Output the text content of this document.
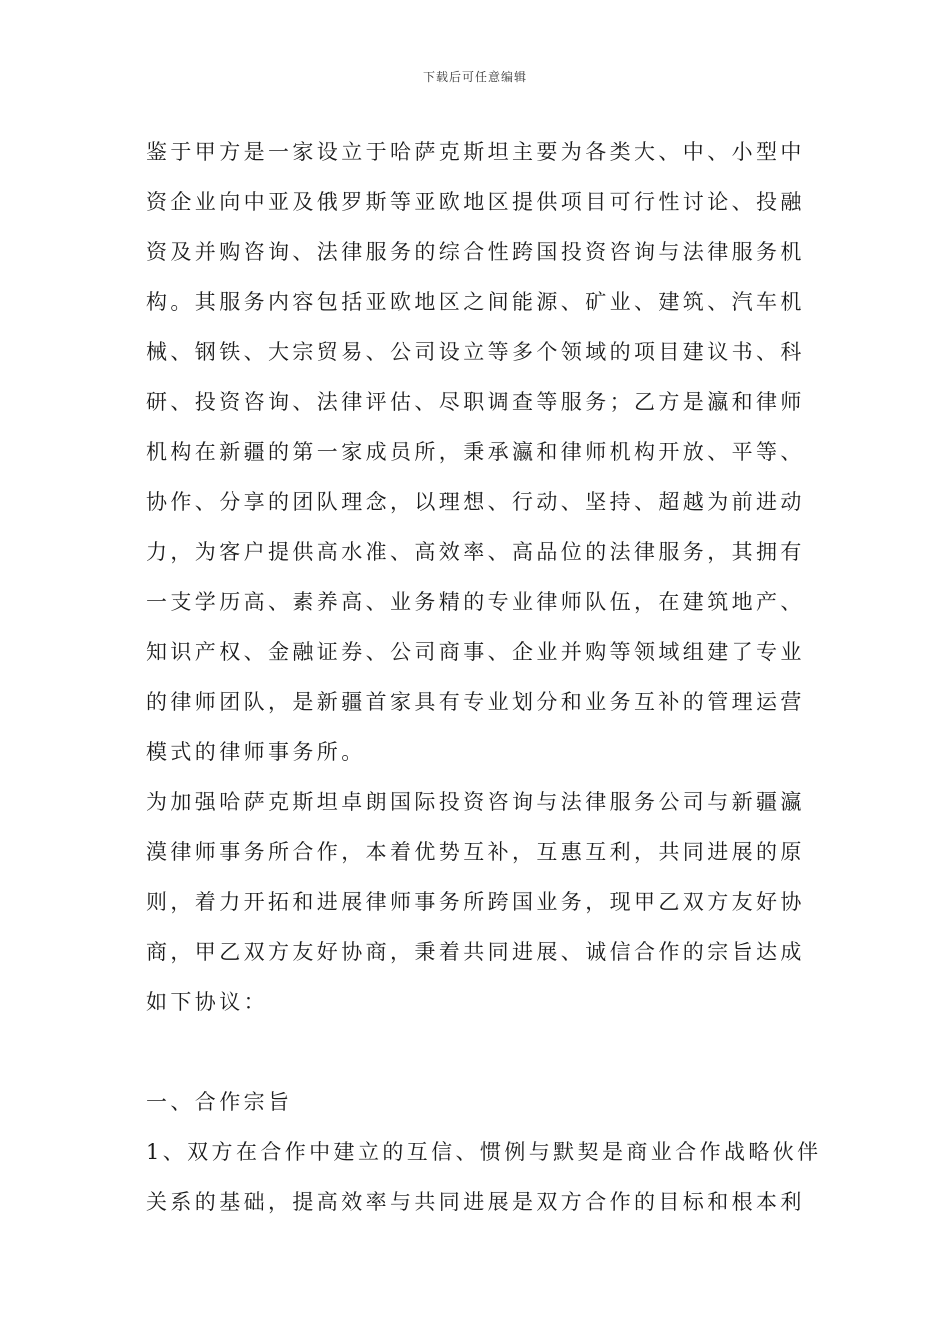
下载后可任意编辑
鉴于甲方是一家设立于哈萨克斯坦主要为各类大、中、小型中
资企业向中亚及俄罗斯等亚欧地区提供项目可行性讨论、投融
资及并购咨询、法律服务的综合性跨国投资咨询与法律服务机
构。其服务内容包括亚欧地区之间能源、矿业、建筑、汽车机
械、钢铁、大宗贸易、公司设立等多个领域的项目建议书、科
研、投资咨询、法律评估、尽职调查等服务；乙方是瀛和律师
机构在新疆的第一家成员所，秉承瀛和律师机构开放、平等、
协作、分享的团队理念，以理想、行动、坚持、超越为前进动
力，为客户提供高水准、高效率、高品位的法律服务，其拥有
一支学历高、素养高、业务精的专业律师队伍，在建筑地产、
知识产权、金融证券、公司商事、企业并购等领域组建了专业
的律师团队，是新疆首家具有专业划分和业务互补的管理运营
模式的律师事务所。
为加强哈萨克斯坦卓朗国际投资咨询与法律服务公司与新疆瀛
漠律师事务所合作，本着优势互补，互惠互利，共同进展的原
则，着力开拓和进展律师事务所跨国业务，现甲乙双方友好协
商，甲乙双方友好协商，秉着共同进展、诚信合作的宗旨达成
如下协议：
一、合作宗旨
1、双方在合作中建立的互信、惯例与默契是商业合作战略伙伴
关系的基础，提高效率与共同进展是双方合作的目标和根本利
